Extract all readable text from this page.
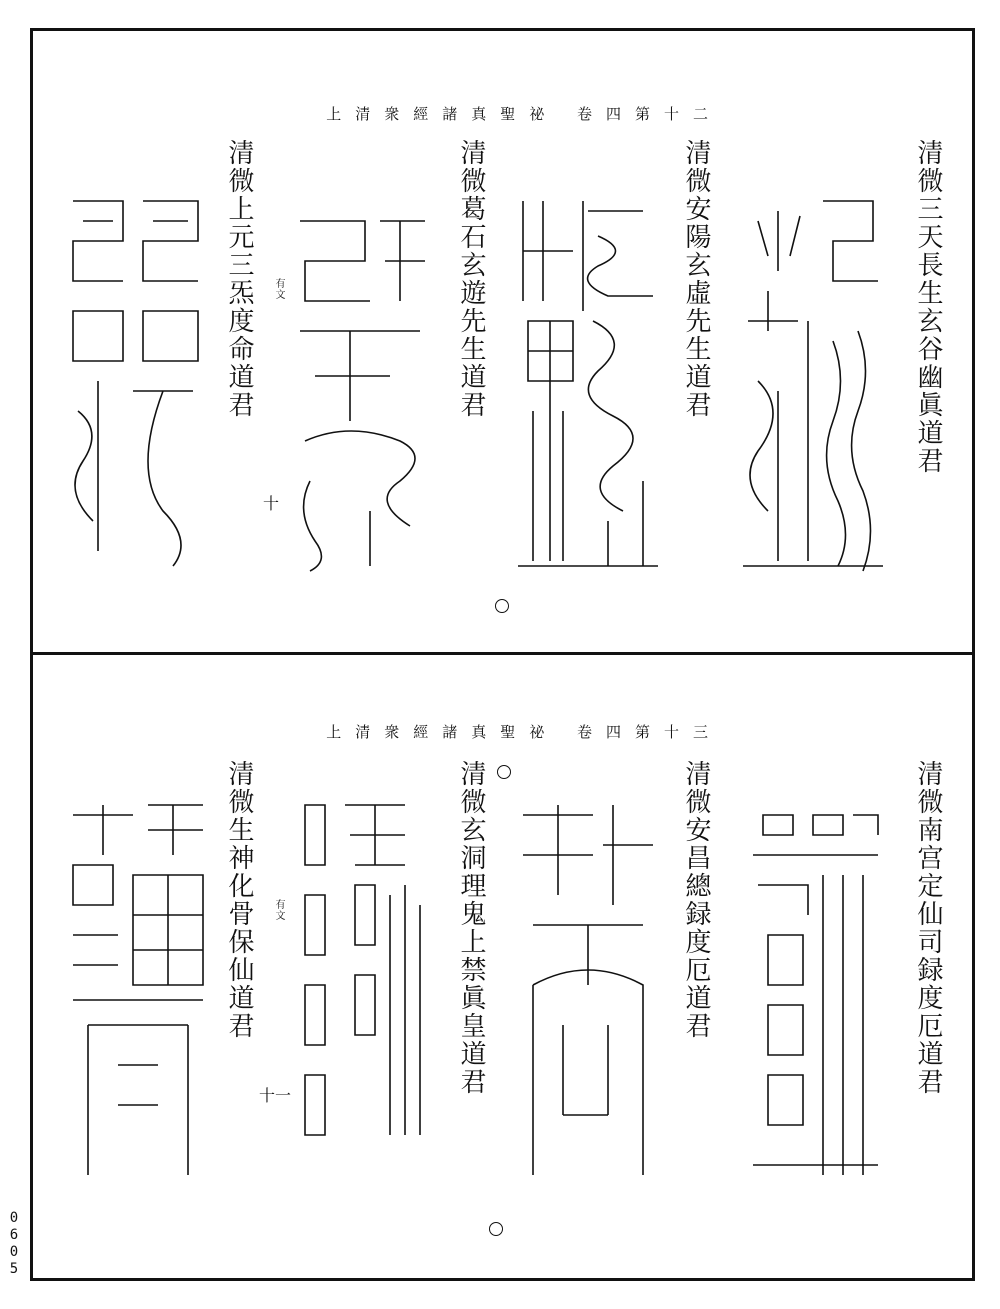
上清衆經諸真聖祕 卷四第十二
清微三天長生玄谷幽眞道君
清微安陽玄虛先生道君
清微葛石玄遊先生道君
清微上元三炁度命道君 有文
十
上清衆經諸真聖祕 卷四第十三
清微南宫定仙司録度厄道君
清微安昌總録度厄道君
清微玄洞理鬼上禁眞皇道君
清微生神化骨保仙道君 有文
十一
0605
